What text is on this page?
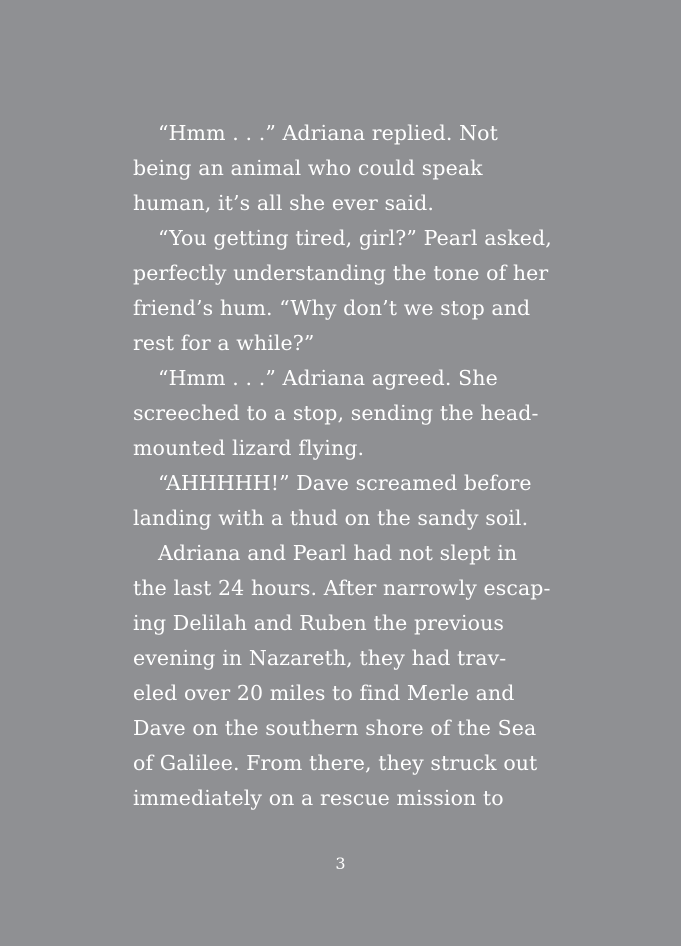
“Hmm . . .” Adriana replied. Not
being an animal who could speak
human, it’s all she ever said.
“You getting tired, girl?” Pearl asked,
perfectly understanding the tone of her
friend’s hum. “Why don’t we stop and
rest for a while?”
“Hmm . . .” Adriana agreed. She
screeched to a stop, sending the head-
mounted lizard flying.
“AHHHHH!” Dave screamed before
landing with a thud on the sandy soil.
Adriana and Pearl had not slept in
the last 24 hours. After narrowly escap-
ing Delilah and Ruben the previous
evening in Nazareth, they had trav-
eled over 20 miles to find Merle and
Dave on the southern shore of the Sea
of Galilee. From there, they struck out
immediately on a rescue mission to
3
